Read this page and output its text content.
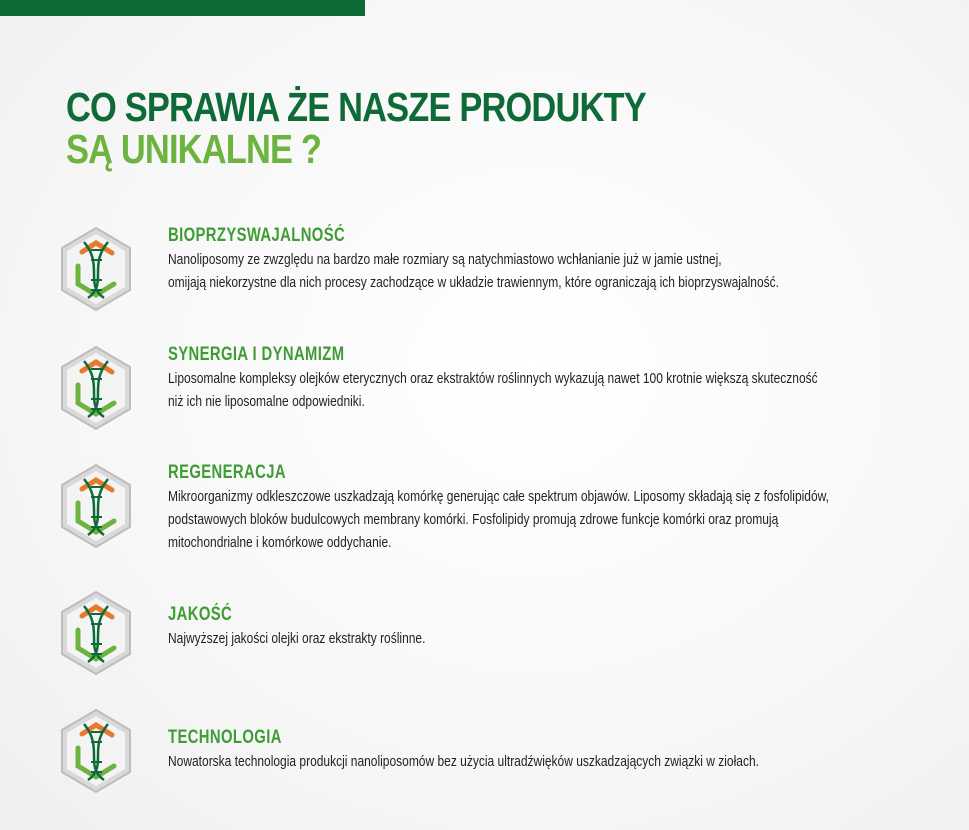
CO SPRAWIA ŻE NASZE PRODUKTY
SĄ UNIKALNE ?
BIOPRZYSWAJALNOŚĆ
Nanoliposomy ze zwzględu na bardzo małe rozmiary są natychmiastowo wchłanianie już w jamie ustnej,
omijają niekorzystne dla nich procesy zachodzące w układzie trawiennym, które ograniczają ich bioprzyswajalność.
SYNERGIA I DYNAMIZM
Liposomalne kompleksy olejków eterycznych oraz ekstraktów roślinnych wykazują nawet 100 krotnie większą skuteczność
niż ich nie liposomalne odpowiedniki.
REGENERACJA
Mikroorganizmy odkleszczowe uszkadzają komórkę generując całe spektrum objawów. Liposomy składają się z fosfolipidów,
podstawowych bloków budulcowych membrany komórki. Fosfolipidy promują zdrowe funkcje komórki oraz promują
mitochondrialne i komórkowe oddychanie.
JAKOŚĆ
Najwyższej jakości olejki oraz ekstrakty roślinne.
TECHNOLOGIA
Nowatorska technologia produkcji nanoliposomów bez użycia ultradźwięków uszkadzających związki w ziołach.
